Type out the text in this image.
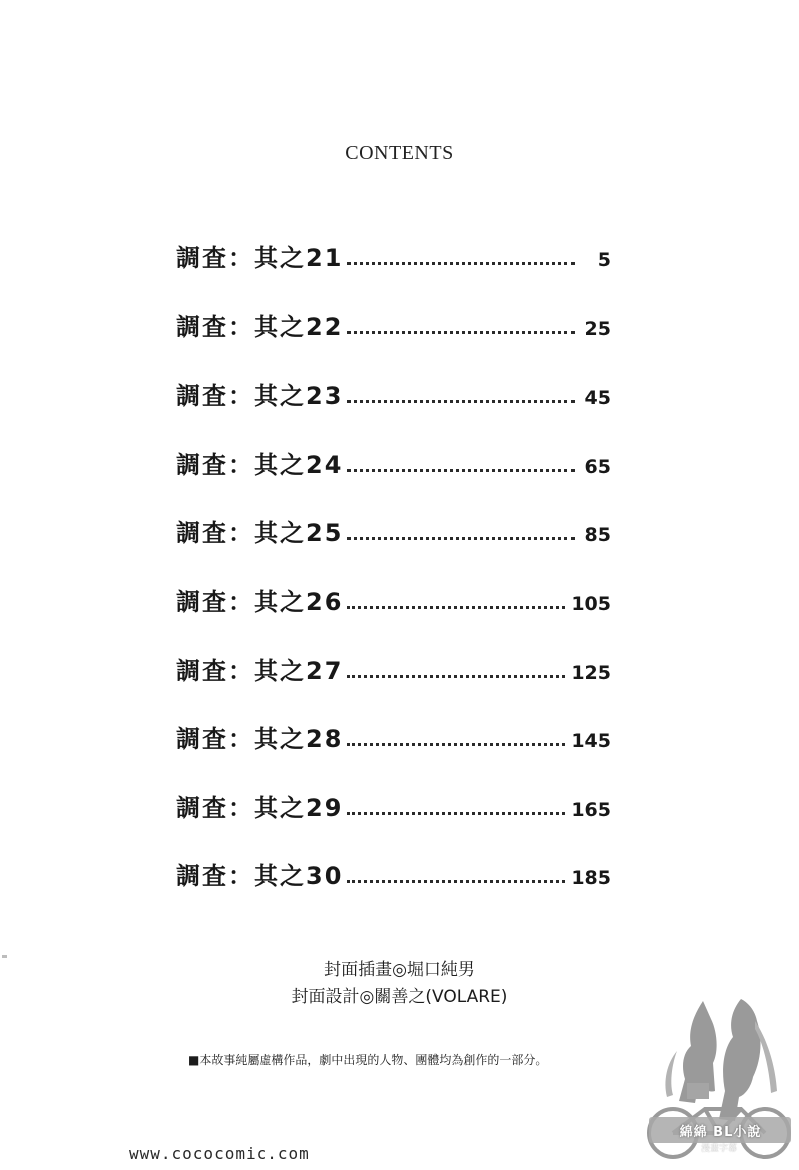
CONTENTS
調査：其之21	5
調査：其之22	25
調査：其之23	45
調査：其之24	65
調査：其之25	85
調査：其之26	105
調査：其之27	125
調査：其之28	145
調査：其之29	165
調査：其之30	185
封面插畫◎堀口純男
封面設計◎關善之(VOLARE)
■本故事純屬虛構作品，劇中出現的人物、團體均為創作的一部分。
www.cococomic.com
綿綿 BL小說
漫畫字幕
